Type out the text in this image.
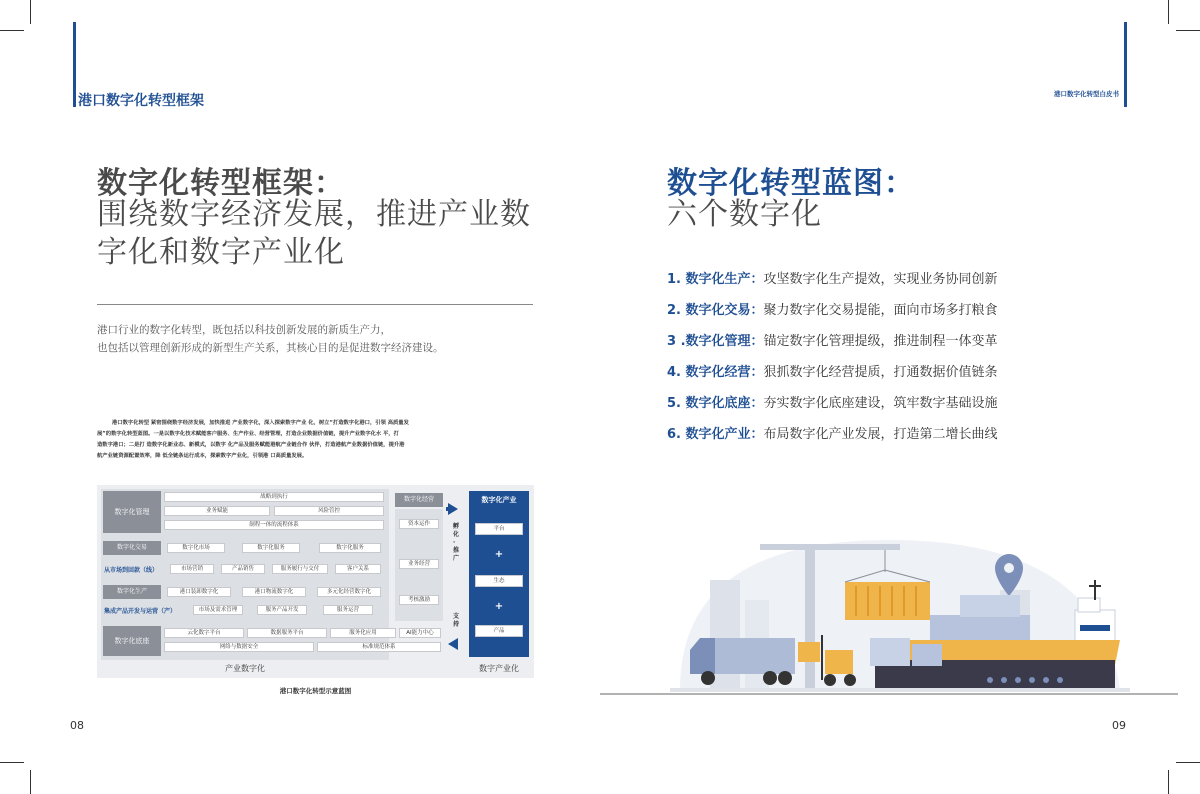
港口数字化转型框架
数字化转型框架：
围绕数字经济发展，推进产业数
字化和数字产业化
港口行业的数字化转型，既包括以科技创新发展的新质生产力，
也包括以管理创新形成的新型生产关系，其核心目的是促进数字经济建设。
港口数字化转型 紧密围绕数字经济发展，加快推进 产业数字化，深入探索数字产业 化，树立“打造数字化港口，引领 高质量发
展”的数字化转型蓝图。一是以数字化技术赋能客户服务、生产作业、经营管理，打造企业数据价值链，提升产业数字化水 平，打
造数字港口；二是打 造数字化新业态、新模式，以数字 化产品及服务赋能港航产业链合作 伙伴，打造港航产业数据价值链，提升港
航产业链资源配置效率，降 低全链条运行成本，探索数字产业化，引领港 口高质量发展。
数字化管理
战略到执行
业务赋能	风险管控
制程一体的流程体系
数字化交易	数字化市场	数字化服务	数字化服务
从市场到回款（线）	市场营销	产品销售	服务履行与交付	客户关系
数字化生产	港口装卸数字化	港口物流数字化	多元化经营数字化
集成产品开发与运营（产）	市场及需求管理	服务产品开发	服务运营
数字化底座
云化数字平台	数据服务平台	服务化应用	AI能力中心
网络与数据安全	标准规范体系
数字化经营
资本运作
业务经营
考核激励
孵化·推广
支持
数字化产业
平台
+
生态
+
产品
产业数字化	数字产业化
港口数字化转型示意蓝图
08
港口数字化转型白皮书
数字化转型蓝图：
六个数字化
1. 数字化生产：攻坚数字化生产提效，实现业务协同创新
2. 数字化交易：聚力数字化交易提能，面向市场多打粮食
3 .数字化管理：锚定数字化管理提级，推进制程一体变革
4. 数字化经营：狠抓数字化经营提质，打通数据价值链条
5. 数字化底座：夯实数字化底座建设，筑牢数字基础设施
6. 数字化产业：布局数字化产业发展，打造第二增长曲线
09
